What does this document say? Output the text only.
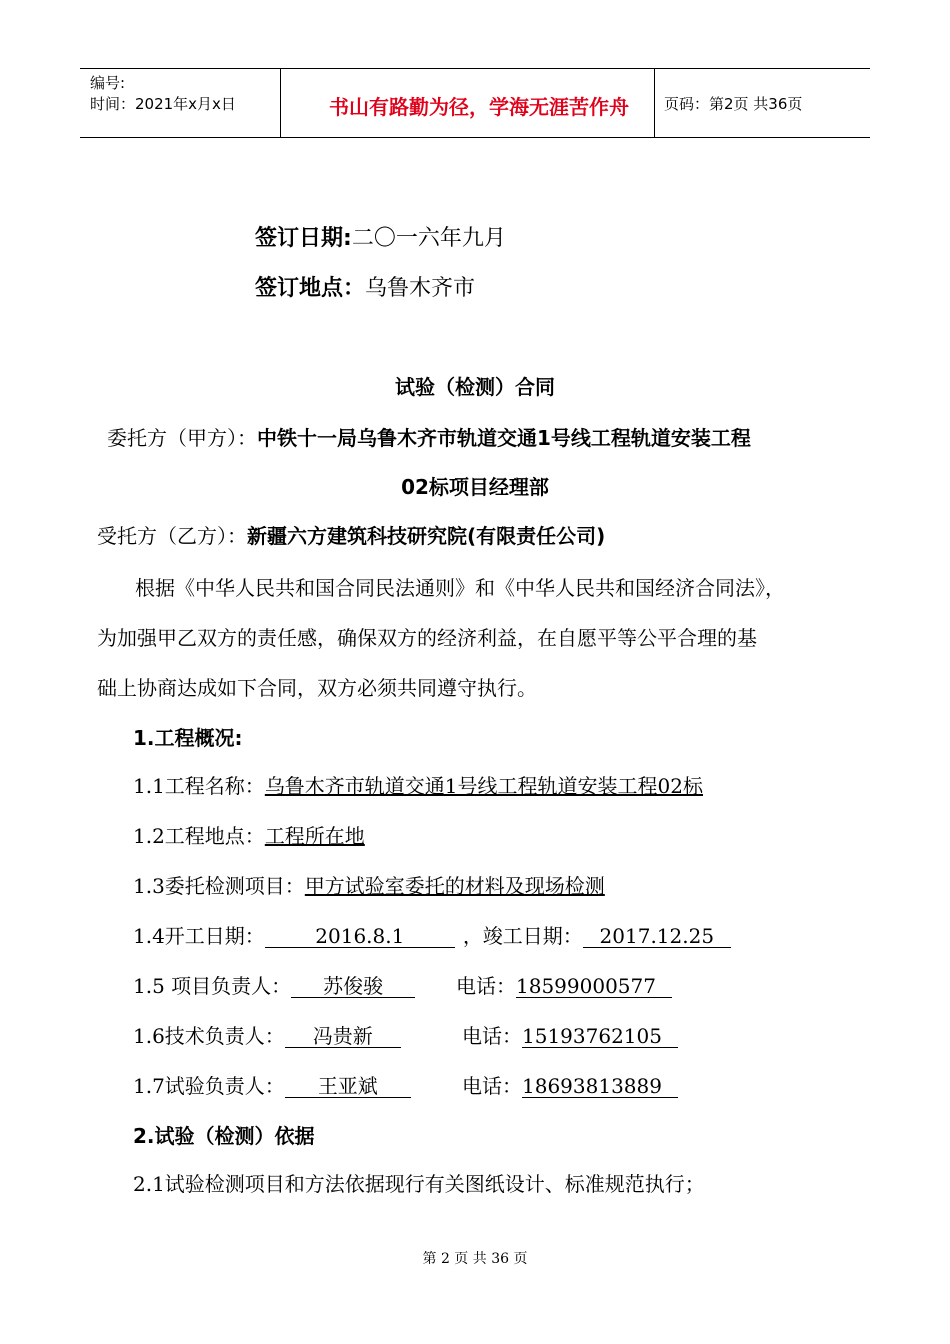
编号:
时间：2021年x月x日	书山有路勤为径，学海无涯苦作舟	页码：第2页 共36页
签订日期:二〇一六年九月
签订地点：乌鲁木齐市
试验（检测）合同
委托方（甲方）：中铁十一局乌鲁木齐市轨道交通1号线工程轨道安装工程
02标项目经理部
受托方（乙方）：新疆六方建筑科技研究院(有限责任公司)
根据《中华人民共和国合同民法通则》和《中华人民共和国经济合同法》，
为加强甲乙双方的责任感，确保双方的经济利益，在自愿平等公平合理的基
础上协商达成如下合同，双方必须共同遵守执行。
1.工程概况:
1.1工程名称：乌鲁木齐市轨道交通1号线工程轨道安装工程02标
1.2工程地点：工程所在地
1.3委托检测项目：甲方试验室委托的材料及现场检测
1.4开工日期：	2016.8.1	，竣工日期： 2017.12.25
1.5 项目负责人： 苏俊骏	电话：18599000577
1.6技术负责人： 冯贵新	电话：15193762105
1.7试验负责人： 王亚斌	电话：18693813889
2.试验（检测）依据
2.1试验检测项目和方法依据现行有关图纸设计、标准规范执行；
第 2 页 共 36 页
